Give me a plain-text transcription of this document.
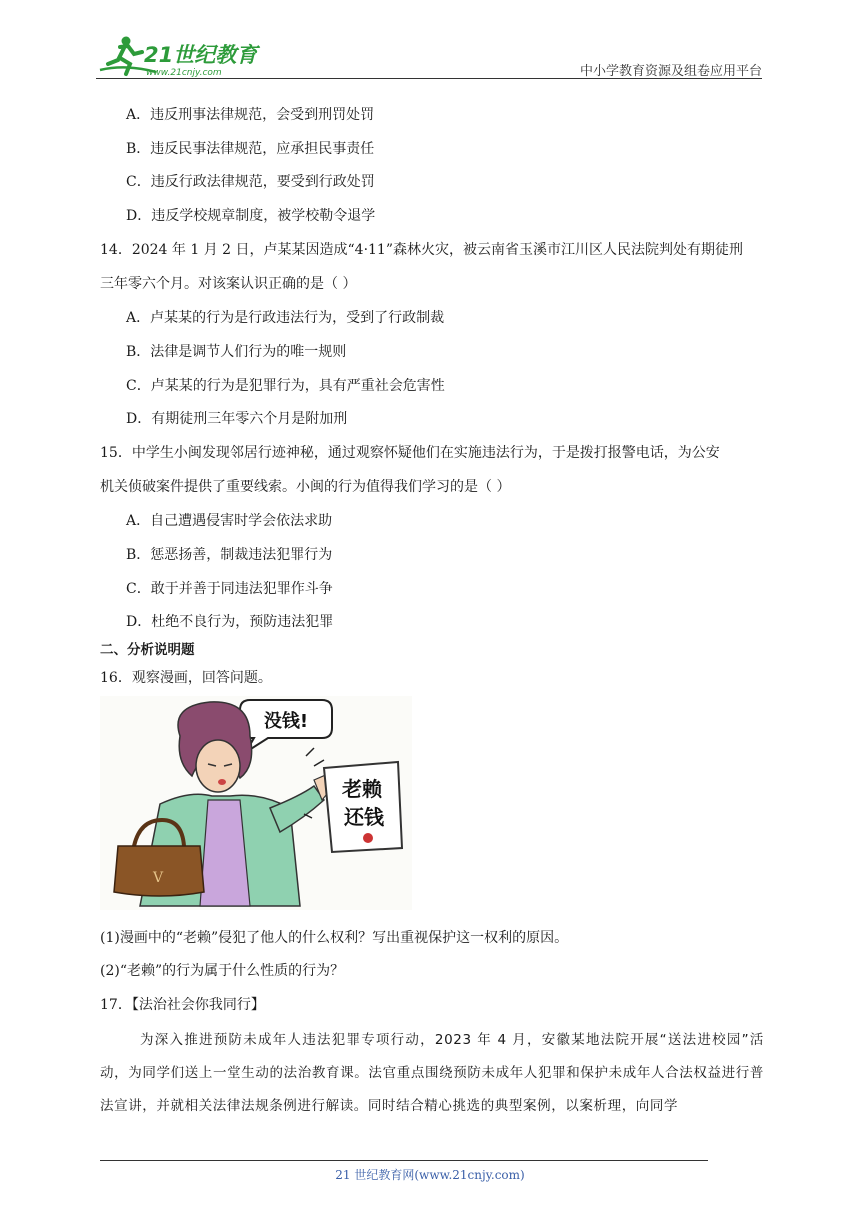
21世纪教育
www.21cnjy.com	中小学教育资源及组卷应用平台
A．违反刑事法律规范，会受到刑罚处罚
B．违反民事法律规范，应承担民事责任
C．违反行政法律规范，要受到行政处罚
D．违反学校规章制度，被学校勒令退学
14．2024 年 1 月 2 日，卢某某因造成“4·11”森林火灾，被云南省玉溪市江川区人民法院判处有期徒刑
三年零六个月。对该案认识正确的是（ ）
A．卢某某的行为是行政违法行为，受到了行政制裁
B．法律是调节人们行为的唯一规则
C．卢某某的行为是犯罪行为，具有严重社会危害性
D．有期徒刑三年零六个月是附加刑
15．中学生小闽发现邻居行迹神秘，通过观察怀疑他们在实施违法行为，于是拨打报警电话，为公安
机关侦破案件提供了重要线索。小闽的行为值得我们学习的是（ ）
A．自己遭遇侵害时学会依法求助
B．惩恶扬善，制裁违法犯罪行为
C．敢于并善于同违法犯罪作斗争
D．杜绝不良行为，预防违法犯罪
二、分析说明题
16．观察漫画，回答问题。
没钱!
V
老赖
还钱
(1)漫画中的“老赖”侵犯了他人的什么权利？写出重视保护这一权利的原因。
(2)“老赖”的行为属于什么性质的行为？
17．【法治社会你我同行】
为深入推进预防未成年人违法犯罪专项行动，2023 年 4 月，安徽某地法院开展“送法进校园”活动，为同学们送上一堂生动的法治教育课。法官重点围绕预防未成年人犯罪和保护未成年人合法权益进行普法宣讲，并就相关法律法规条例进行解读。同时结合精心挑选的典型案例，以案析理，向同学
21 世纪教育网(www.21cnjy.com)
